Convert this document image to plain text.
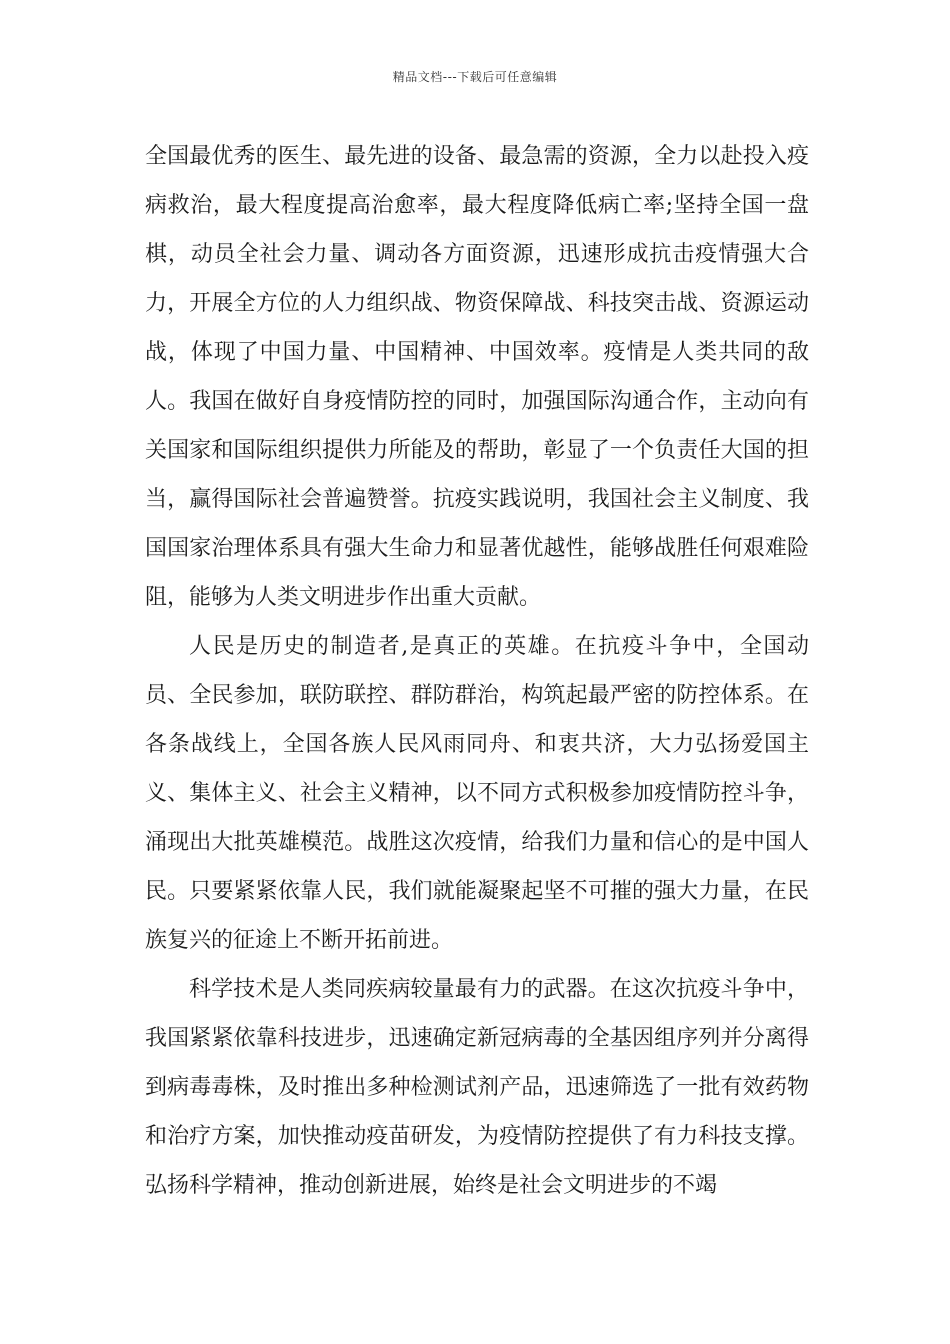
精品文档---下载后可任意编辑

全国最优秀的医生、最先进的设备、最急需的资源，全力以赴投入疫病救治，最大程度提高治愈率，最大程度降低病亡率;坚持全国一盘棋，动员全社会力量、调动各方面资源，迅速形成抗击疫情强大合力，开展全方位的人力组织战、物资保障战、科技突击战、资源运动战，体现了中国力量、中国精神、中国效率。疫情是人类共同的敌人。我国在做好自身疫情防控的同时，加强国际沟通合作，主动向有关国家和国际组织提供力所能及的帮助，彰显了一个负责任大国的担当，赢得国际社会普遍赞誉。抗疫实践说明，我国社会主义制度、我国国家治理体系具有强大生命力和显著优越性，能够战胜任何艰难险阻，能够为人类文明进步作出重大贡献。

人民是历史的制造者,是真正的英雄。在抗疫斗争中，全国动员、全民参加，联防联控、群防群治，构筑起最严密的防控体系。在各条战线上，全国各族人民风雨同舟、和衷共济，大力弘扬爱国主义、集体主义、社会主义精神，以不同方式积极参加疫情防控斗争，涌现出大批英雄模范。战胜这次疫情，给我们力量和信心的是中国人民。只要紧紧依靠人民，我们就能凝聚起坚不可摧的强大力量，在民族复兴的征途上不断开拓前进。

科学技术是人类同疾病较量最有力的武器。在这次抗疫斗争中，我国紧紧依靠科技进步，迅速确定新冠病毒的全基因组序列并分离得到病毒毒株，及时推出多种检测试剂产品，迅速筛选了一批有效药物和治疗方案，加快推动疫苗研发，为疫情防控提供了有力科技支撑。弘扬科学精神，推动创新进展，始终是社会文明进步的不竭
